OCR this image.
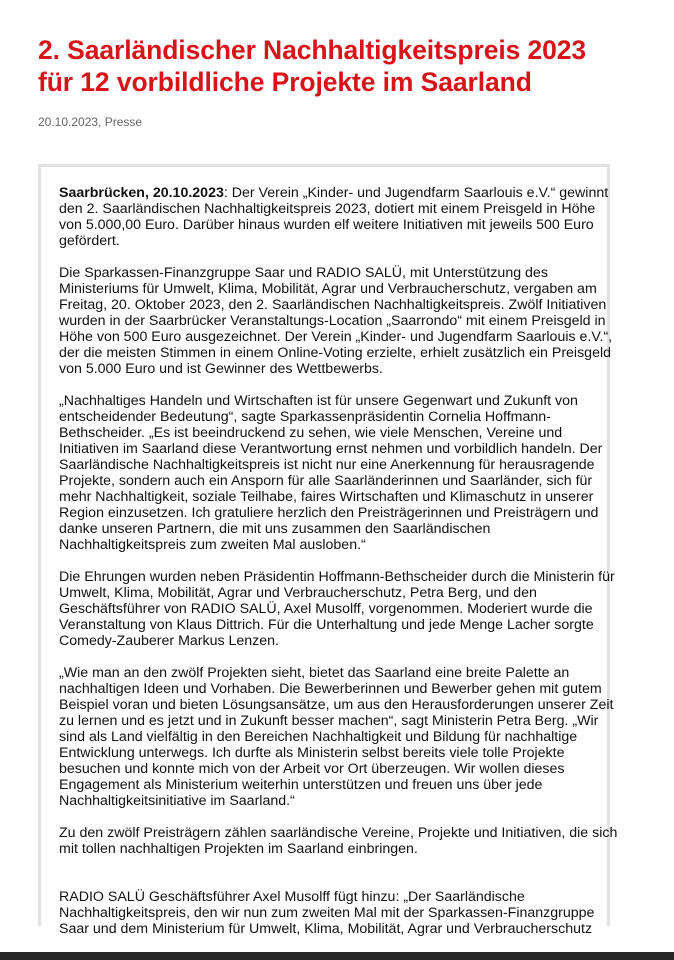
2. Saarländischer Nachhaltigkeitspreis 2023
für 12 vorbildliche Projekte im Saarland
20.10.2023, Presse

Saarbrücken, 20.10.2023: Der Verein „Kinder- und Jugendfarm Saarlouis e.V.“ gewinnt
den 2. Saarländischen Nachhaltigkeitspreis 2023, dotiert mit einem Preisgeld in Höhe
von 5.000,00 Euro. Darüber hinaus wurden elf weitere Initiativen mit jeweils 500 Euro
gefördert.

Die Sparkassen-Finanzgruppe Saar und RADIO SALÜ, mit Unterstützung des
Ministeriums für Umwelt, Klima, Mobilität, Agrar und Verbraucherschutz, vergaben am
Freitag, 20. Oktober 2023, den 2. Saarländischen Nachhaltigkeitspreis. Zwölf Initiativen
wurden in der Saarbrücker Veranstaltungs-Location „Saarrondo“ mit einem Preisgeld in
Höhe von 500 Euro ausgezeichnet. Der Verein „Kinder- und Jugendfarm Saarlouis e.V.“,
der die meisten Stimmen in einem Online-Voting erzielte, erhielt zusätzlich ein Preisgeld
von 5.000 Euro und ist Gewinner des Wettbewerbs.

„Nachhaltiges Handeln und Wirtschaften ist für unsere Gegenwart und Zukunft von
entscheidender Bedeutung“, sagte Sparkassenpräsidentin Cornelia Hoffmann-
Bethscheider. „Es ist beeindruckend zu sehen, wie viele Menschen, Vereine und
Initiativen im Saarland diese Verantwortung ernst nehmen und vorbildlich handeln. Der
Saarländische Nachhaltigkeitspreis ist nicht nur eine Anerkennung für herausragende
Projekte, sondern auch ein Ansporn für alle Saarländerinnen und Saarländer, sich für
mehr Nachhaltigkeit, soziale Teilhabe, faires Wirtschaften und Klimaschutz in unserer
Region einzusetzen. Ich gratuliere herzlich den Preisträgerinnen und Preisträgern und
danke unseren Partnern, die mit uns zusammen den Saarländischen
Nachhaltigkeitspreis zum zweiten Mal ausloben.“

Die Ehrungen wurden neben Präsidentin Hoffmann-Bethscheider durch die Ministerin für
Umwelt, Klima, Mobilität, Agrar und Verbraucherschutz, Petra Berg, und den
Geschäftsführer von RADIO SALÜ, Axel Musolff, vorgenommen. Moderiert wurde die
Veranstaltung von Klaus Dittrich. Für die Unterhaltung und jede Menge Lacher sorgte
Comedy-Zauberer Markus Lenzen.

„Wie man an den zwölf Projekten sieht, bietet das Saarland eine breite Palette an
nachhaltigen Ideen und Vorhaben. Die Bewerberinnen und Bewerber gehen mit gutem
Beispiel voran und bieten Lösungsansätze, um aus den Herausforderungen unserer Zeit
zu lernen und es jetzt und in Zukunft besser machen“, sagt Ministerin Petra Berg. „Wir
sind als Land vielfältig in den Bereichen Nachhaltigkeit und Bildung für nachhaltige
Entwicklung unterwegs. Ich durfte als Ministerin selbst bereits viele tolle Projekte
besuchen und konnte mich von der Arbeit vor Ort überzeugen. Wir wollen dieses
Engagement als Ministerium weiterhin unterstützen und freuen uns über jede
Nachhaltigkeitsinitiative im Saarland.“

Zu den zwölf Preisträgern zählen saarländische Vereine, Projekte und Initiativen, die sich
mit tollen nachhaltigen Projekten im Saarland einbringen.

RADIO SALÜ Geschäftsführer Axel Musolff fügt hinzu: „Der Saarländische
Nachhaltigkeitspreis, den wir nun zum zweiten Mal mit der Sparkassen-Finanzgruppe
Saar und dem Ministerium für Umwelt, Klima, Mobilität, Agrar und Verbraucherschutz
